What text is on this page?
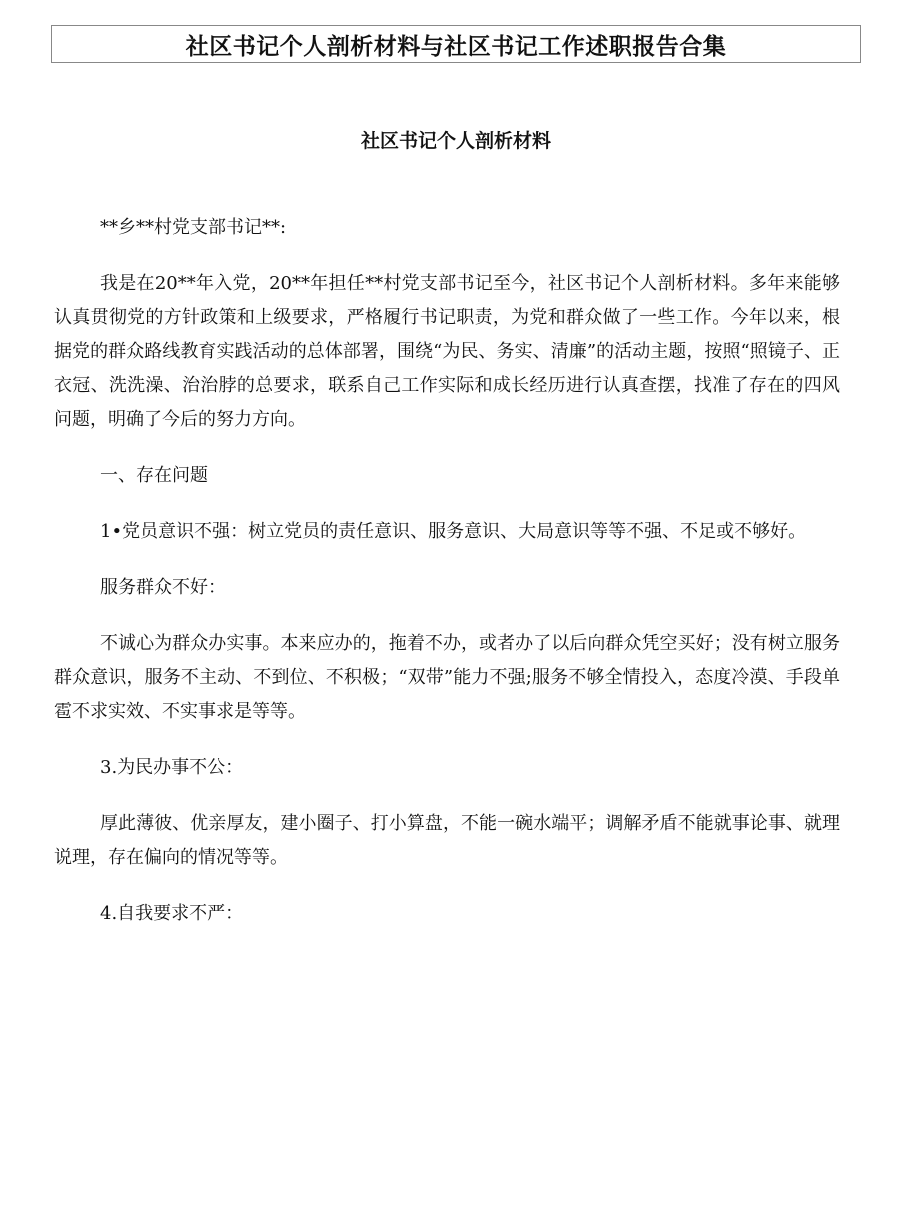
社区书记个人剖析材料与社区书记工作述职报告合集
社区书记个人剖析材料

**乡**村党支部书记**:

我是在20**年入党，20**年担任**村党支部书记至今，社区书记个人剖析材料。多年来能够认真贯彻党的方针政策和上级要求，严格履行书记职责，为党和群众做了一些工作。今年以来，根据党的群众路线教育实践活动的总体部署，围绕“为民、务实、清廉”的活动主题，按照“照镜子、正衣冠、洗洗澡、治治脖的总要求，联系自己工作实际和成长经历进行认真查摆，找准了存在的四风问题，明确了今后的努力方向。

一、存在问题

1•党员意识不强：树立党员的责任意识、服务意识、大局意识等等不强、不足或不够好。

服务群众不好：

不诚心为群众办实事。本来应办的，拖着不办，或者办了以后向群众凭空买好；没有树立服务群众意识，服务不主动、不到位、不积极；“双带”能力不强;服务不够全情投入，态度冷漠、手段单雹不求实效、不实事求是等等。

3.为民办事不公：

厚此薄彼、优亲厚友，建小圈子、打小算盘，不能一碗水端平；调解矛盾不能就事论事、就理说理，存在偏向的情况等等。

4.自我要求不严：
